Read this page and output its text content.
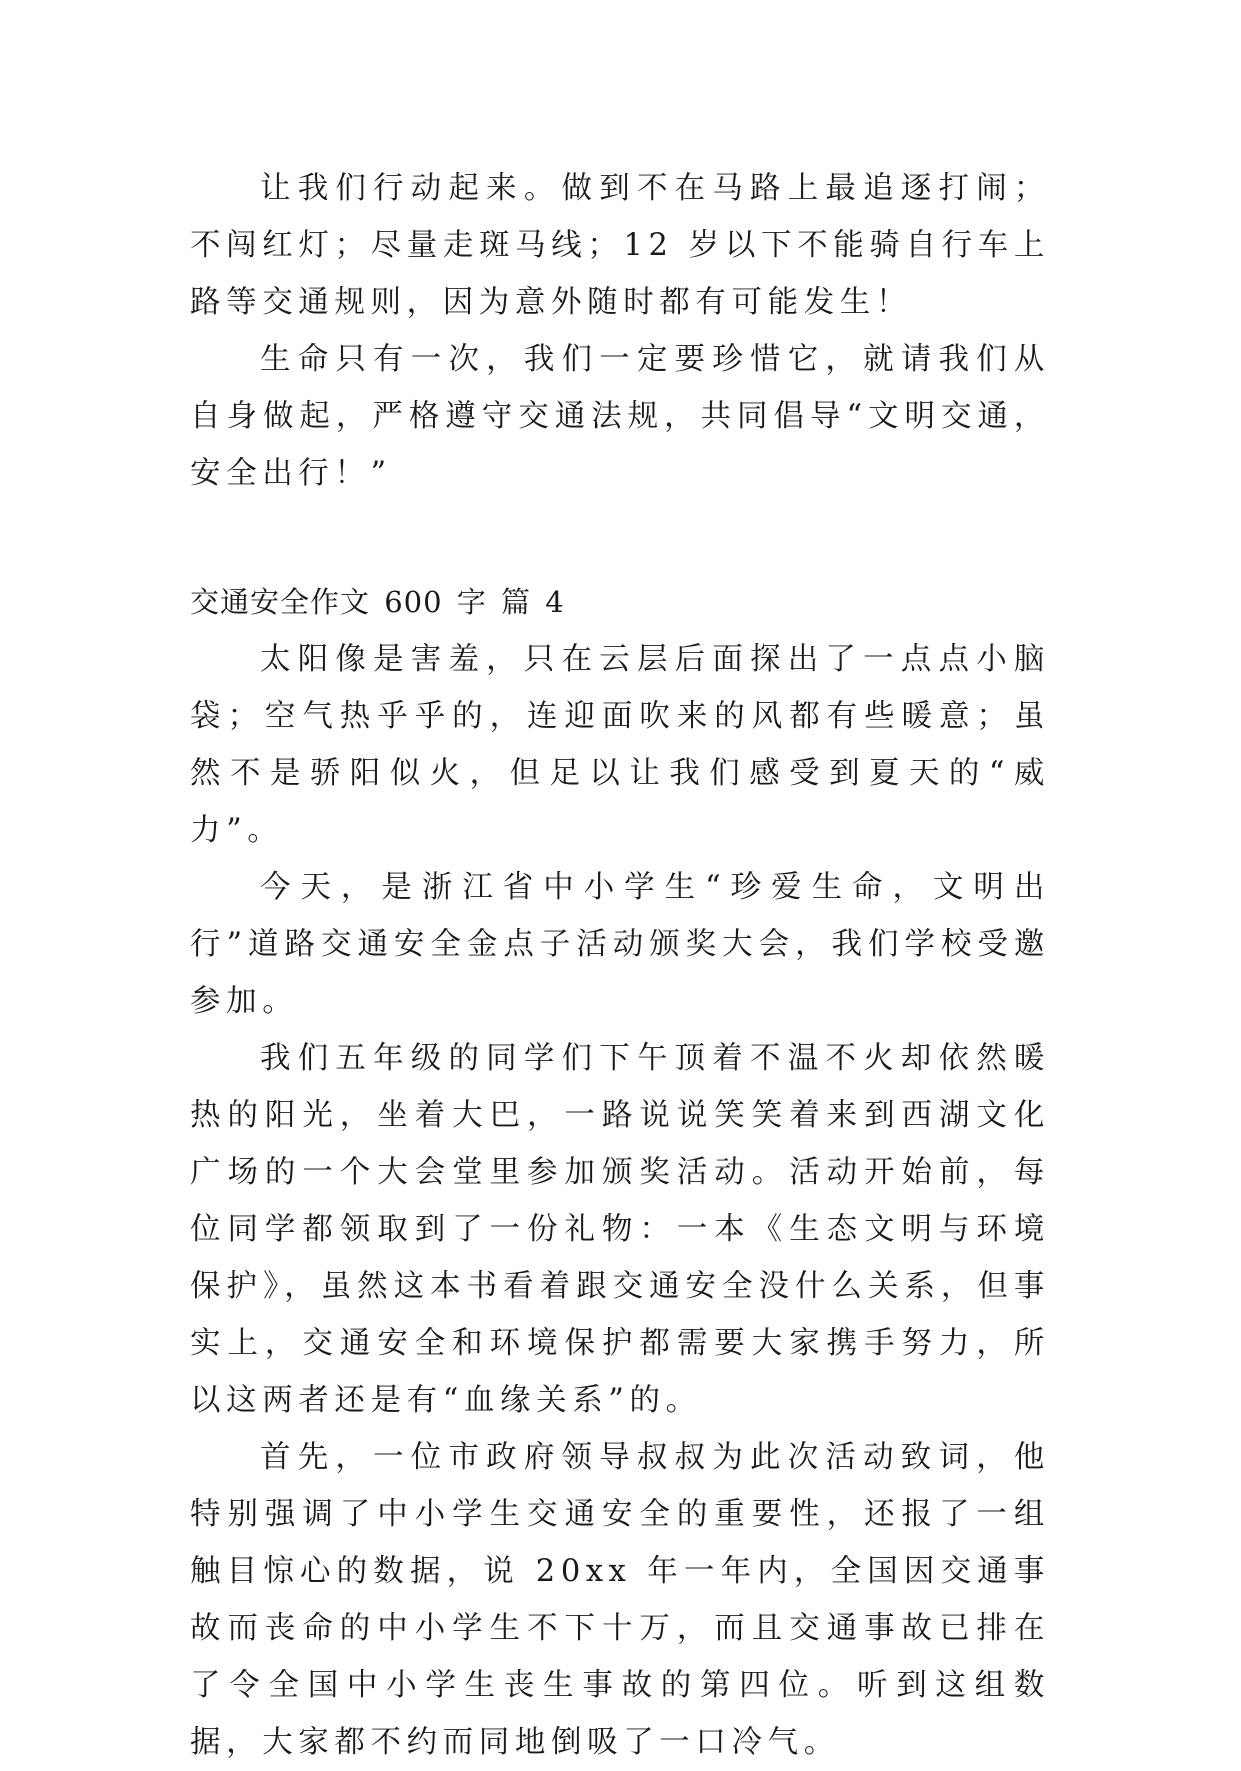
让我们行动起来。做到不在马路上最追逐打闹；不闯红灯；尽量走斑马线；12 岁以下不能骑自行车上路等交通规则，因为意外随时都有可能发生！

生命只有一次，我们一定要珍惜它，就请我们从自身做起，严格遵守交通法规，共同倡导“文明交通，安全出行！”

交通安全作文 600 字 篇 4

太阳像是害羞，只在云层后面探出了一点点小脑袋；空气热乎乎的，连迎面吹来的风都有些暖意；虽然不是骄阳似火，但足以让我们感受到夏天的“威力”。

今天，是浙江省中小学生“珍爱生命，文明出行”道路交通安全金点子活动颁奖大会，我们学校受邀参加。

我们五年级的同学们下午顶着不温不火却依然暖热的阳光，坐着大巴，一路说说笑笑着来到西湖文化广场的一个大会堂里参加颁奖活动。活动开始前，每位同学都领取到了一份礼物：一本《生态文明与环境保护》，虽然这本书看着跟交通安全没什么关系，但事实上，交通安全和环境保护都需要大家携手努力，所以这两者还是有“血缘关系”的。

首先，一位市政府领导叔叔为此次活动致词，他特别强调了中小学生交通安全的重要性，还报了一组触目惊心的数据，说 20xx 年一年内，全国因交通事故而丧命的中小学生不下十万，而且交通事故已排在了令全国中小学生丧生事故的第四位。听到这组数据，大家都不约而同地倒吸了一口冷气。
